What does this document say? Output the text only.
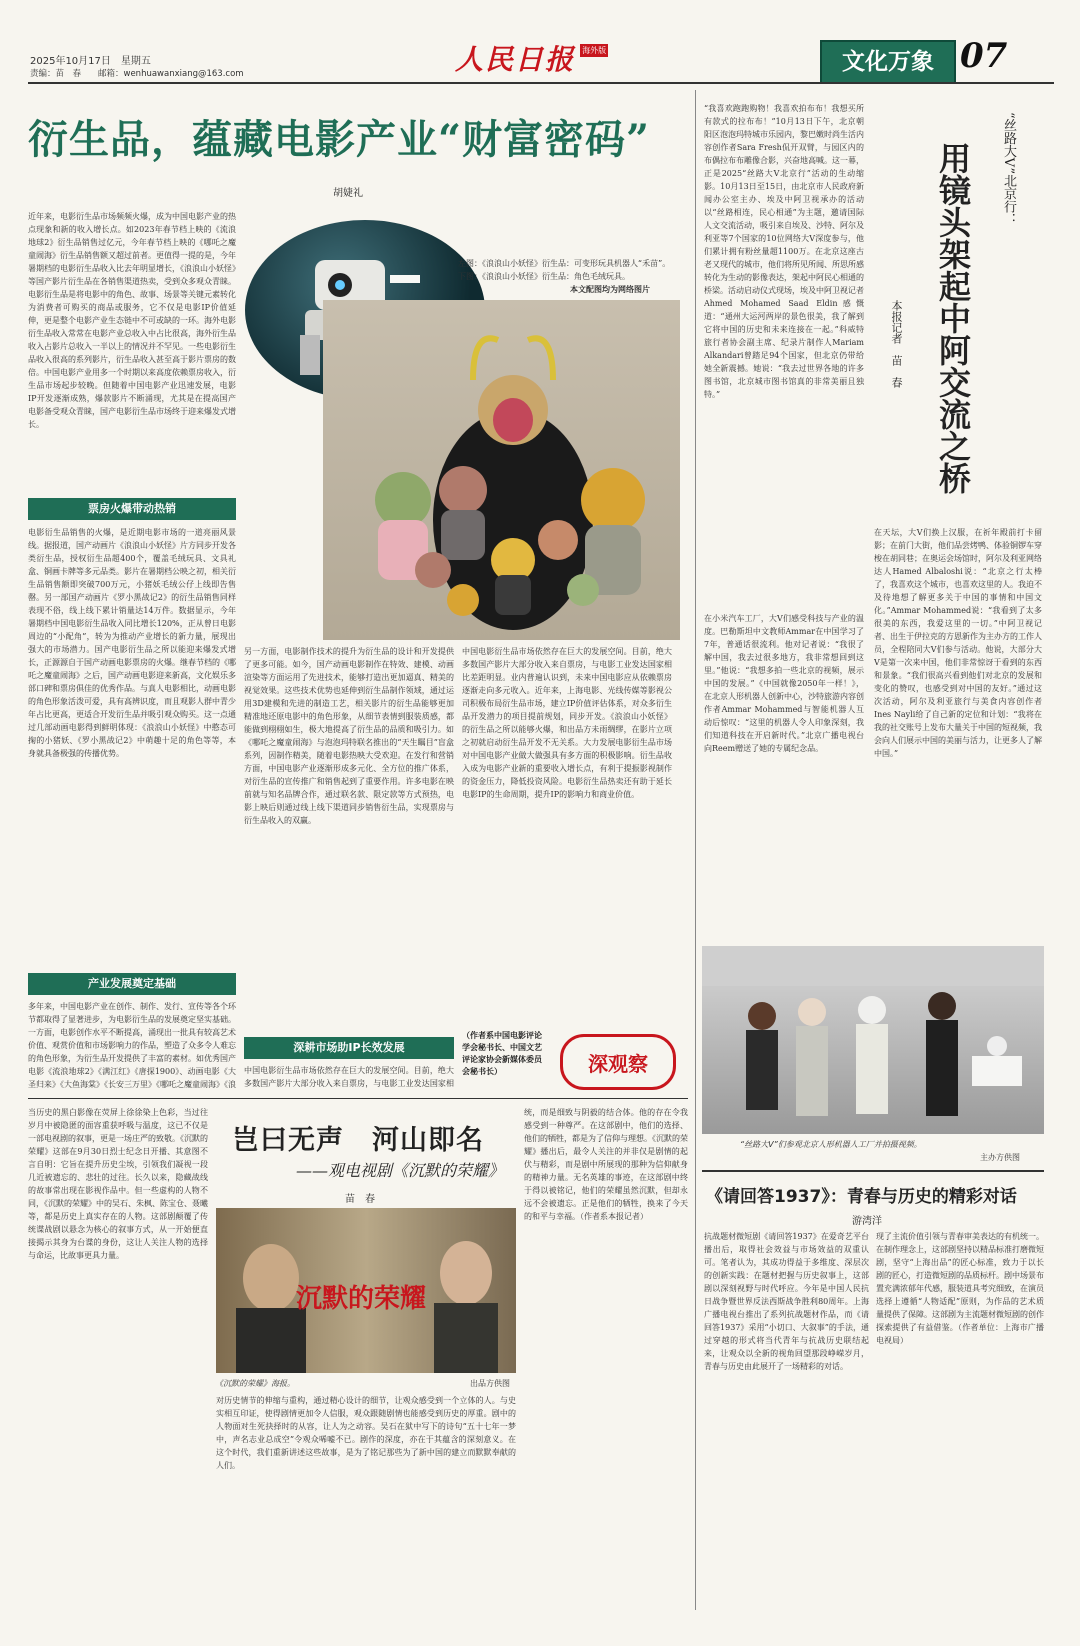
2025年10月17日　星期五
责编：苗　春　　邮箱：wenhuawanxiang@163.com	人民日报 海外版	文化万象 07
衍生品，蕴藏电影产业“财富密码”
胡婕礼
左图：《浪浪山小妖怪》衍生品：可变形玩具机器人“禾苗”。
下图：《浪浪山小妖怪》衍生品：角色毛绒玩具。
本文配图均为网络图片
近年来，电影衍生品市场频频火爆，成为中国电影产业的热点现象和新的收入增长点。如2023年春节档上映的《流浪地球2》衍生品销售过亿元，今年春节档上映的《哪吒之魔童闹海》衍生品销售额又超过前者。更值得一提的是，今年暑期档的电影衍生品收入比去年明显增长，《浪浪山小妖怪》等国产影片衍生品在各销售渠道热卖，受到众多观众青睐。电影衍生品是将电影中的角色、故事、场景等关键元素转化为消费者可购买的商品或服务，它不仅是电影IP价值延伸，更是整个电影产业生态链中不可或缺的一环。海外电影衍生品收入常常在电影产业总收入中占比很高，海外衍生品收入占影片总收入一半以上的情况并不罕见。一些电影衍生品收入很高的系列影片，衍生品收入甚至高于影片票房的数倍。中国电影产业用多一个时期以来高度依赖票房收入，衍生品市场起步较晚。但随着中国电影产业迅速发展，电影IP开发逐渐成熟，爆款影片不断涌现，尤其是在提高国产电影备受观众青睐，国产电影衍生品市场终于迎来爆发式增长。
票房火爆带动热销
电影衍生品销售的火爆，是近期电影市场的一道亮丽风景线。据报道，国产动画片《浪浪山小妖怪》片方同步开发各类衍生品，授权衍生品超400个，覆盖毛绒玩具、文具礼盒、铜画卡牌等多元品类。影片在暑期档公映之初，相关衍生品销售额即突破700万元，小猪妖毛绒公仔上线即告售罄。另一部国产动画片《罗小黑战记2》的衍生品销售同样表现不俗，线上线下累计销量达14万件。数据显示，今年暑期档中国电影衍生品收入同比增长120%，正从曾日电影周边的“小配角”，转为为推动产业增长的新力量，展现出强大的市场潜力。国产电影衍生品之所以能迎来爆发式增长，正源源自于国产动画电影票房的火爆。继春节档的《哪吒之魔童闹海》之后，国产动画电影迎来新高，文化娱乐多部口碑和票房俱佳的优秀作品。与真人电影相比，动画电影的角色形象活泼可爱，具有高辨识度，而且观影人群中青少年占比更高，更适合开发衍生品并吸引观众购买。这一点通过几部动画电影得到鲜明体现：《浪浪山小妖怪》中憨态可掬的小猪妖、《罗小黑战记2》中萌趣十足的角色等等，本身就具备极强的传播优势。
产业发展奠定基础
多年来，中国电影产业在创作、制作、发行、宣传等各个环节都取得了显著进步，为电影衍生品的发展奠定坚实基础。一方面，电影创作水平不断提高，涌现出一批具有较高艺术价值、观赏价值和市场影响力的作品，塑造了众多令人难忘的角色形象，为衍生品开发提供了丰富的素材。如优秀国产电影《流浪地球2》《满江红》《唐探1900》、动画电影《大圣归来》《大鱼海棠》《长安三万里》《哪吒之魔童闹海》《浪
另一方面，电影制作技术的提升为衍生品的设计和开发提供了更多可能。如今，国产动画电影制作在特效、建模、动画渲染等方面运用了先进技术，能够打造出更加逼真、精美的视觉效果。这些技术优势也延伸到衍生品制作领域，通过运用3D建模和先进的制造工艺，相关影片的衍生品能够更加精准地还原电影中的角色形象，从细节表情到服装质感，都能做到栩栩如生，极大地提高了衍生品的品质和吸引力。如《哪吒之魔童闹海》与泡泡玛特联名推出的“天生瞩目”盲盒系列，因制作精美，随着电影热映大受欢迎。在发行和营销方面，中国电影产业逐渐形成多元化、全方位的推广体系，对衍生品的宣传推广和销售起到了重要作用。许多电影在映前就与知名品牌合作，通过联名款、限定款等方式预热，电影上映后则通过线上线下渠道同步销售衍生品，实现票房与衍生品收入的双赢。
深耕市场助IP长效发展
中国电影衍生品市场依然存在巨大的发展空间。目前，绝大多数国产影片大部分收入来自票房，与电影工业发达国家相
中国电影衍生品市场依然存在巨大的发展空间。目前，绝大多数国产影片大部分收入来自票房，与电影工业发达国家相比差距明显。业内普遍认识到，未来中国电影应从依赖票房逐渐走向多元收入。近年来，上海电影、光线传媒等影视公司积极布局衍生品市场，建立IP价值评估体系，对众多衍生品开发潜力的项目提前规划，同步开发。《浪浪山小妖怪》的衍生品之所以能够火爆，和出品方未雨绸缪，在影片立项之初就启动衍生品开发不无关系。大力发展电影衍生品市场对中国电影产业做大做强具有多方面的积极影响。衍生品收入成为电影产业新的重要收入增长点，有利于提振影视制作的资金压力，降低投资风险。电影衍生品热卖还有助于延长电影IP的生命周期，提升IP的影响力和商业价值。
（作者系中国电影评论学会秘书长、中国文艺评论家协会新媒体委员会秘书长）	深观察
“我喜欢跑跑购物！我喜欢拍布布！我想买所有款式的拉布布！”10月13日下午，北京朝阳区泡泡玛特城市乐园内，黎巴嫩时尚生活内容创作者Sara Fresh侃开双臂，与园区内的布偶拉布布雕像合影，兴奋地高喊。这一幕，正是2025“丝路大V北京行”活动的生动缩影。10月13日至15日，由北京市人民政府新闻办公室主办、埃及中阿卫视承办的活动以“丝路相连，民心相通”为主题，邀请国际人文交流活动，吸引来自埃及、沙特、阿尔及利亚等7个国家的10位网络大V深度参与，他们累计拥有粉丝量超1100万。在北京这座古老又现代的城市，他们将所见所闻、所思所感转化为生动的影像表达，架起中阿民心相通的桥梁。活动启动仪式现场，埃及中阿卫视记者Ahmed Mohamed Saad Eldin感慨道：“通州大运河两岸的景色很美，我了解到它将中国的历史和未来连接在一起。”科威特旅行者协会副主席、纪录片制作人Mariam Alkandari曾踏足94个国家，但北京仍带给她全新震撼。她说：“我去过世界各地的许多图书馆，北京城市图书馆真的非常美丽且独特。”
在小米汽车工厂，大V们感受科技与产业的温度。巴勒斯坦中文教师Ammar在中国学习了7年，普通话很流利。他对记者说：“我很了解中国，我去过很多地方，我非常想回到这里。”他说：“我想多拍一些北京的视频，展示中国的发展。”《中国就像2050年一样！》，在北京人形机器人创新中心，沙特旅游内容创作者Ammar Mohammed与智能机器人互动后惊叹：“这里的机器人令人印象深刻，我们知道科技在开启新时代。”北京广播电视台向Reem赠送了她的专属纪念品。
“丝路大V”北京行：
用镜头架起中阿交流之桥
本报记者　苗　春
在天坛，大V们换上汉服，在祈年殿前打卡留影；在前门大街，他们品尝烤鸭、体验铜锣车穿梭在胡同巷；在奥运会场馆时，阿尔及利亚网络达人Hamed Albaloshi说：“北京之行太棒了，我喜欢这个城市，也喜欢这里的人。我迫不及待地想了解更多关于中国的事情和中国文化。”Ammar Mohammed说：“我看到了太多很美的东西，我爱这里的一切。”中阿卫视记者、出生于伊拉克的方恩新作为主办方的工作人员，全程陪同大V们参与活动。他说，大部分大V是第一次来中国，他们非常惊讶于看到的东西和景象。“我们很高兴看到他们对北京的发展和变化的赞叹，也感受到对中国的友好。”通过这次活动，阿尔及利亚旅行与美食内容创作者Ines Nayli给了自己新的定位和计划：“我将在我的社交账号上发布大量关于中国的短视频，我会向人们展示中国的美丽与活力，让更多人了解中国。”
“丝路大V”们参观北京人形机器人工厂并拍摄视频。
主办方供图
当历史的黑白影像在荧屏上徐徐染上色彩，当过往岁月中被隐匿的面容重获呼吸与温度，这已不仅是一部电视剧的叙事，更是一场庄严的致敬。《沉默的荣耀》这部在9月30日烈士纪念日开播、其意图不言自明：它旨在提升历史尘埃，引领我们凝视一段几近被遗忘的、悲壮的过往。长久以来，隐藏战线的故事常出现在影视作品中。但一些虚构的人物不同，《沉默的荣耀》中的吴石、朱枫、陈宝仓、聂曦等，都是历史上真实存在的人物。这部剧颠覆了传统谍战剧以悬念为核心的叙事方式，从一开始便直接揭示其身为台谍的身份，这让人关注人物的选择与命运，比故事更具力量。
岂曰无声　河山即名
——观电视剧《沉默的荣耀》
苗　春
沉默的荣耀
《沉默的荣耀》海报。	出品方供图
对历史情节的伸缩与重构，通过精心设计的细节，让观众感受到一个立体的人。与史实相互印证，使得剧情更加令人信服，观众跟随剧情也能感受到历史的厚重。剧中的人物面对生死抉择时的从容，让人为之动容。吴石在狱中写下的诗句“五十七年一梦中，声名志业总成空”令观众唏嘘不已。剧作的深度，亦在于其蕴含的深刻意义。在这个时代，我们重新讲述这些故事，是为了铭记那些为了新中国的建立而默默奉献的人们。
统，而是细致与阴毅的结合体。他的存在令我感受到一种尊严。在这部剧中，他们的选择、他们的牺牲，都是为了信仰与理想。《沉默的荣耀》播出后，最令人关注的并非仅是剧情的起伏与精彩，而是剧中所展现的那种为信仰献身的精神力量。无名英雄的事迹，在这部剧中终于得以被铭记，他们的荣耀虽然沉默，但却永远不会被遗忘。正是他们的牺牲，换来了今天的和平与幸福。（作者系本报记者）
《请回答1937》：青春与历史的精彩对话
游湾洋
抗战题材微短剧《请回答1937》在爱奇艺平台播出后，取得社会效益与市场效益的双重认可。笔者认为，其成功得益于多维度、深层次的创新实践：在题材把握与历史叙事上，这部剧以深刻视野与时代呼应。今年是中国人民抗日战争暨世界反法西斯战争胜利80周年。上海广播电视台推出了系列抗战题材作品，而《请回答1937》采用“小切口、大叙事”的手法，通过穿越的形式将当代青年与抗战历史联结起来，让观众以全新的视角回望那段峥嵘岁月，青春与历史由此展开了一场精彩的对话。
现了主流价值引领与青春审美表达的有机统一。在制作理念上，这部剧坚持以精品标准打磨微短剧，坚守“上海出品”的匠心标准，致力于以长剧的匠心，打造微短剧的品质标杆。剧中场景布置充满浓郁年代感，服装道具考究细致，在演员选择上遵循“人物适配”原则，为作品的艺术质量提供了保障。这部剧为主流题材微短剧的创作探索提供了有益借鉴。（作者单位：上海市广播电视局）
